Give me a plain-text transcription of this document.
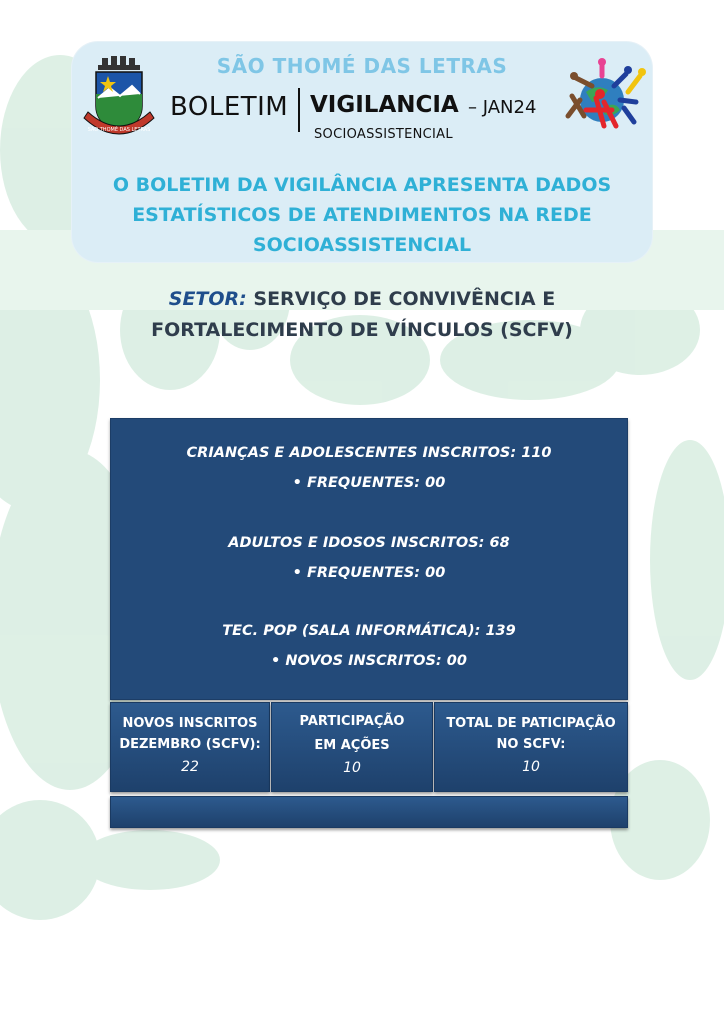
SÃO THOMÉ DAS LETRAS
SÃO THOMÉ DAS LETRAS
BOLETIM VIGILANCIA – JAN24
SOCIOASSISTENCIAL
O BOLETIM DA VIGILÂNCIA APRESENTA DADOS
ESTATÍSTICOS DE ATENDIMENTOS NA REDE
SOCIOASSISTENCIAL
SETOR: SERVIÇO DE CONVIVÊNCIA E
FORTALECIMENTO DE VÍNCULOS (SCFV)
CRIANÇAS E ADOLESCENTES INSCRITOS: 110
• FREQUENTES: 00
ADULTOS E IDOSOS INSCRITOS: 68
• FREQUENTES: 00
TEC. POP (SALA INFORMÁTICA): 139
• NOVOS INSCRITOS: 00
NOVOS INSCRITOS
DEZEMBRO (SCFV):
22
PARTICIPAÇÃO
EM AÇÕES
10
TOTAL DE PATICIPAÇÃO
NO SCFV:
10
